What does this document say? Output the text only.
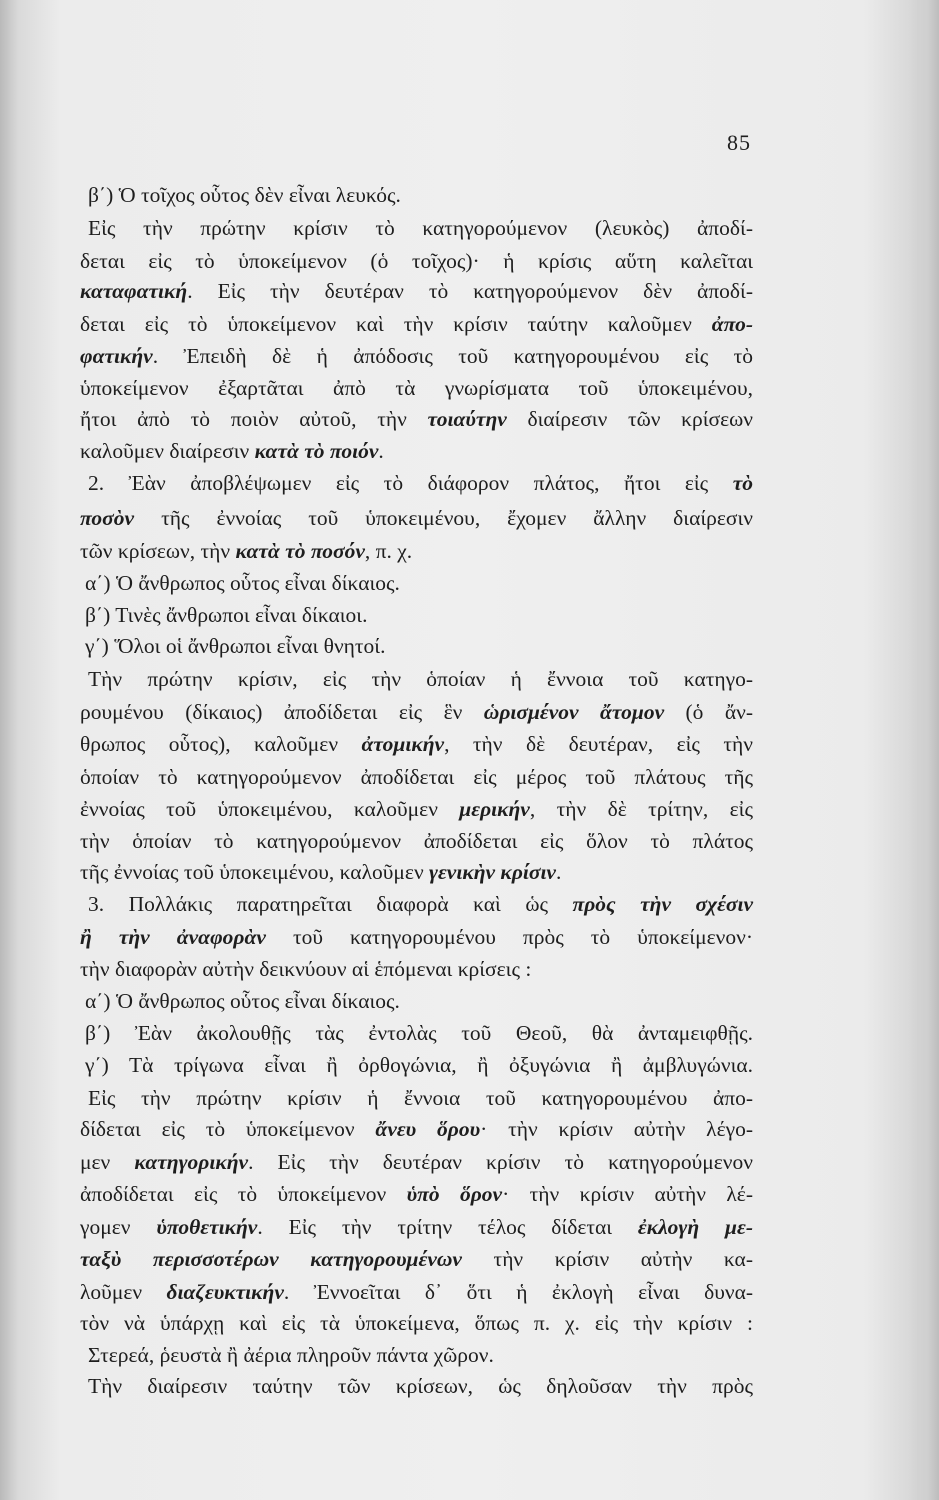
85
β΄) Ὁ τοῖχος οὗτος δὲν εἶναι λευκός.
Εἰς τὴν πρώτην κρίσιν τὸ κατηγορούμενον (λευκὸς) ἀποδί-
δεται εἰς τὸ ὑποκείμενον (ὁ τοῖχος)· ἡ κρίσις αὕτη καλεῖται
καταφατική. Εἰς τὴν δευτέραν τὸ κατηγορούμενον δὲν ἀποδί-
δεται εἰς τὸ ὑποκείμενον καὶ τὴν κρίσιν ταύτην καλοῦμεν ἀπο-
φατικήν. Ἐπειδὴ δὲ ἡ ἀπόδοσις τοῦ κατηγορουμένου εἰς τὸ
ὑποκείμενον ἐξαρτᾶται ἀπὸ τὰ γνωρίσματα τοῦ ὑποκειμένου,
ἤτοι ἀπὸ τὸ ποιὸν αὐτοῦ, τὴν τοιαύτην διαίρεσιν τῶν κρίσεων
καλοῦμεν διαίρεσιν κατὰ τὸ ποιόν.
2. Ἐὰν ἀποβλέψωμεν εἰς τὸ διάφορον πλάτος, ἤτοι εἰς τὸ
ποσὸν τῆς ἐννοίας τοῦ ὑποκειμένου, ἔχομεν ἄλλην διαίρεσιν
τῶν κρίσεων, τὴν κατὰ τὸ ποσόν, π. χ.
α΄) Ὁ ἄνθρωπος οὗτος εἶναι δίκαιος.
β΄) Τινὲς ἄνθρωποι εἶναι δίκαιοι.
γ΄) Ὅλοι οἱ ἄνθρωποι εἶναι θνητοί.
Τὴν πρώτην κρίσιν, εἰς τὴν ὁποίαν ἡ ἔννοια τοῦ κατηγο-
ρουμένου (δίκαιος) ἀποδίδεται εἰς ἓν ὡρισμένον ἄτομον (ὁ ἄν-
θρωπος οὗτος), καλοῦμεν ἀτομικήν, τὴν δὲ δευτέραν, εἰς τὴν
ὁποίαν τὸ κατηγορούμενον ἀποδίδεται εἰς μέρος τοῦ πλάτους τῆς
ἐννοίας τοῦ ὑποκειμένου, καλοῦμεν μερικήν, τὴν δὲ τρίτην, εἰς
τὴν ὁποίαν τὸ κατηγορούμενον ἀποδίδεται εἰς ὅλον τὸ πλάτος
τῆς ἐννοίας τοῦ ὑποκειμένου, καλοῦμεν γενικὴν κρίσιν.
3. Πολλάκις παρατηρεῖται διαφορὰ καὶ ὡς πρὸς τὴν σχέσιν
ἢ τὴν ἀναφορὰν τοῦ κατηγορουμένου πρὸς τὸ ὑποκείμενον·
τὴν διαφορὰν αὐτὴν δεικνύουν αἱ ἑπόμεναι κρίσεις :
α΄) Ὁ ἄνθρωπος οὗτος εἶναι δίκαιος.
β΄) Ἐὰν ἀκολουθῇς τὰς ἐντολὰς τοῦ Θεοῦ, θὰ ἀνταμειφθῇς.
γ΄) Τὰ τρίγωνα εἶναι ἢ ὀρθογώνια, ἢ ὀξυγώνια ἢ ἀμβλυγώνια.
Εἰς τὴν πρώτην κρίσιν ἡ ἔννοια τοῦ κατηγορουμένου ἀπο-
δίδεται εἰς τὸ ὑποκείμενον ἄνευ ὅρου· τὴν κρίσιν αὐτὴν λέγο-
μεν κατηγορικήν. Εἰς τὴν δευτέραν κρίσιν τὸ κατηγορούμενον
ἀποδίδεται εἰς τὸ ὑποκείμενον ὑπὸ ὅρον· τὴν κρίσιν αὐτὴν λέ-
γομεν ὑποθετικήν. Εἰς τὴν τρίτην τέλος δίδεται ἐκλογὴ με-
ταξὺ περισσοτέρων κατηγορουμένων τὴν κρίσιν αὐτὴν κα-
λοῦμεν διαζευκτικήν. Ἐννοεῖται δ᾽ ὅτι ἡ ἐκλογὴ εἶναι δυνα-
τὸν νὰ ὑπάρχῃ καὶ εἰς τὰ ὑποκείμενα, ὅπως π. χ. εἰς τὴν κρίσιν :
Στερεά, ῥευστὰ ἢ ἀέρια πληροῦν πάντα χῶρον.
Τὴν διαίρεσιν ταύτην τῶν κρίσεων, ὡς δηλοῦσαν τὴν πρὸς
